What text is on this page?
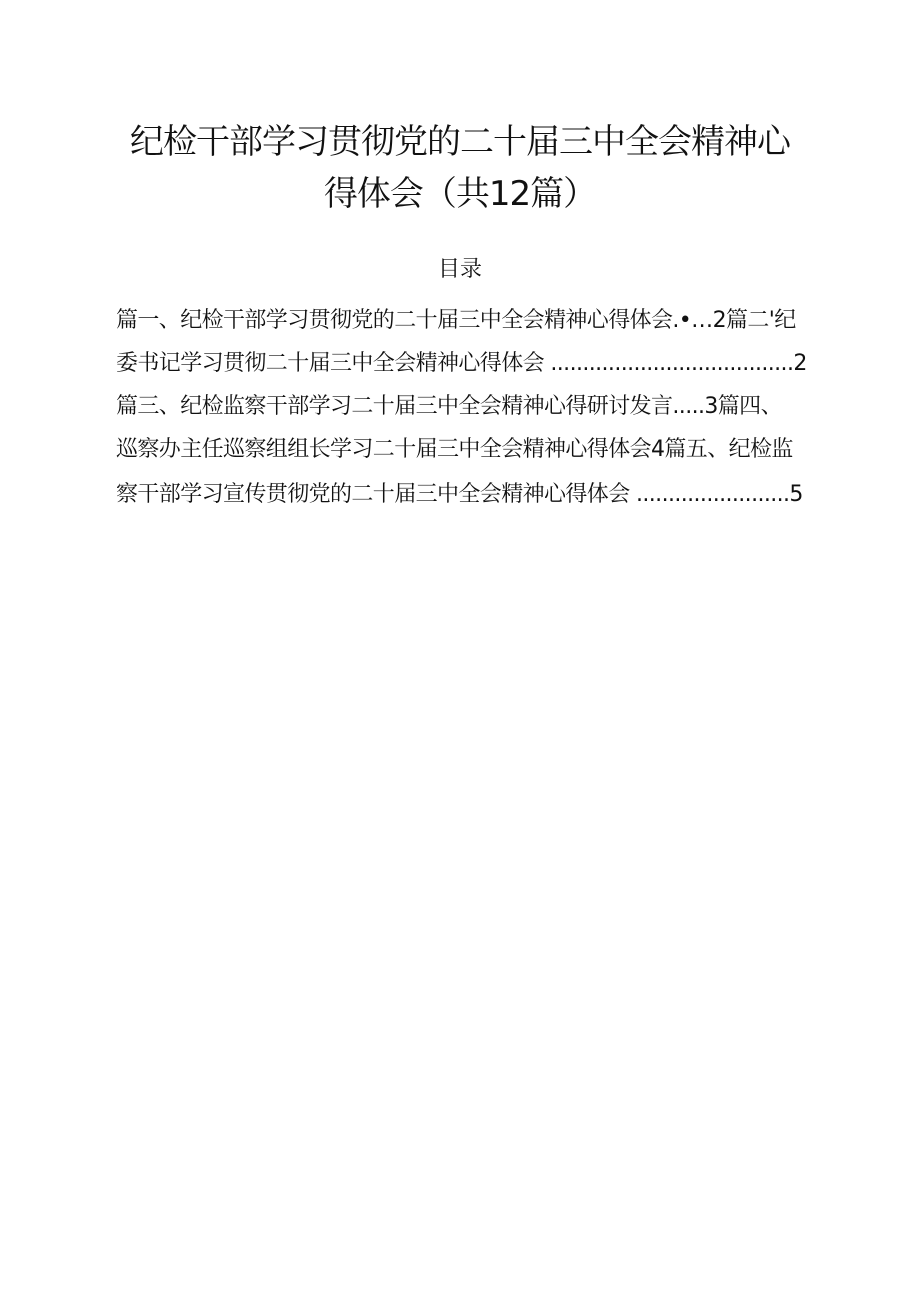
纪检干部学习贯彻党的二十届三中全会精神心
得体会（共12篇）
目录
篇一、纪检干部学习贯彻党的二十届三中全会精神心得体会.•…2篇二'纪
委书记学习贯彻二十届三中全会精神心得体会 ......................................2
篇三、纪检监察干部学习二十届三中全会精神心得研讨发言.....3篇四、
巡察办主任巡察组组长学习二十届三中全会精神心得体会4篇五、纪检监
察干部学习宣传贯彻党的二十届三中全会精神心得体会 ........................5
